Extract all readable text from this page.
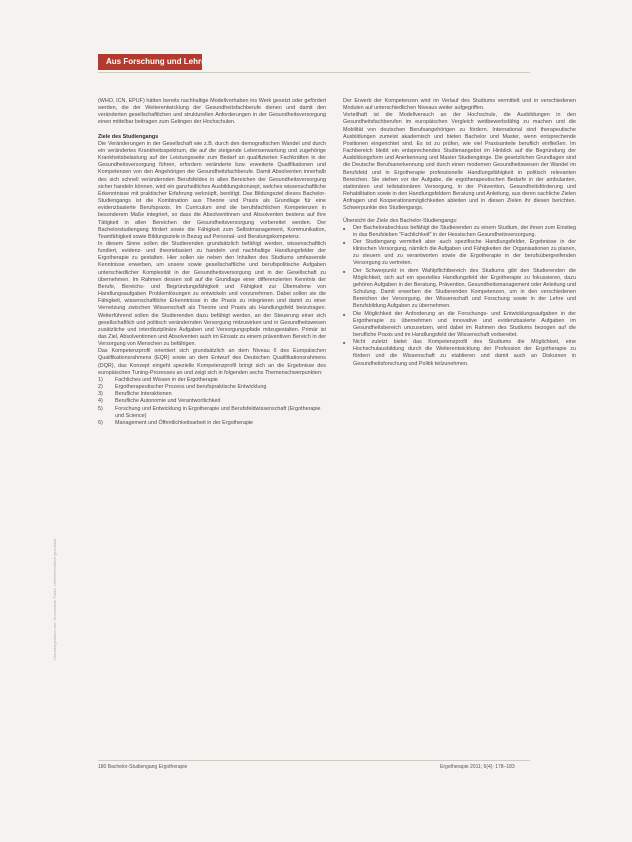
Aus Forschung und Lehre
Heruntergeladen von: Hochschule Fulda. Urheberrechtlich geschützt.

(WHO, ICN, EPUF) hätten bereits nachhaltige Modellvorhaben ins Werk gesetzt oder gefördert werden, die der Weiterentwicklung der Gesundheitsfachberufe dienen und damit den veränderten gesellschaftlichen und strukturellen Anforderungen in der Gesundheitsversorgung einen mittelbar beitragen zum Gelingen der Hochschulen.

Ziele des Studiengangs

Die Veränderungen in der Gesellschaft wie z.B. durch den demografischen Wandel und durch ein verändertes Krankheitsspektrum, die auf die steigende Lebenserwartung und zugehörige Krankheitsbelastung auf der Leistungsseite zum Bedarf an qualifizierten Fachkräften in der Gesundheitsversorgung führen, erfordern veränderte bzw. erweiterte Qualifikationen und Kompetenzen von den Angehörigen der Gesundheitsfachberufe. Damit Absolventen innerhalb des sich schnell verändernden Berufsfeldes in allen Bereichen der Gesundheitsversorgung sicher handeln können, wird ein ganzheitliches Ausbildungskonzept, welches wissenschaftliche Erkenntnisse mit praktischer Erfahrung verknüpft, benötigt. Das Bildungsziel dieses Bachelor-Studiengangs ist die Kombination aus Theorie und Praxis als Grundlage für eine evidenzbasierte Berufspraxis. Im Curriculum sind die berufsfachlichen Kompetenzen in besonderem Maße integriert, so dass die Absolventinnen und Absolventen bestens auf ihre Tätigkeit in allen Bereichen der Gesundheitsversorgung vorbereitet werden. Der Bachelorstudiengang fördert sowie die Fähigkeit zum Selbstmanagement, Kommunikation, Teamfähigkeit sowie Bildungsziele in Bezug auf Personal- und Beratungskompetenz.

In diesem Sinne sollen die Studierenden grundsätzlich befähigt werden, wissenschaftlich fundiert, evidenz- und theoriebasiert zu handeln und nachhaltige Handlungsfelder der Ergotherapie zu gestalten. Hier sollen sie neben den Inhalten des Studiums umfassende Kenntnisse erwerben, um unsere sowie gesellschaftliche und berufspolitische Aufgaben unterschiedlicher Komplexität in der Gesundheitsversorgung und in der Gesellschaft zu übernehmen. Im Rahmen dessen soll auf die Grundlage einer differenzierten Kenntnis der Berufe, Bereichs- und Begründungsfähigkeit und Fähigkeit zur Übernahme von Handlungsaufgaben Problemlösungen zu entwickeln und vorzunehmen. Dabei sollen sie die Fähigkeit, wissenschaftliche Erkenntnisse in die Praxis zu integrieren und damit zu einer Vernetzung zwischen Wissenschaft als Theorie und Praxis als Handlungsfeld beizutragen. Weiterführend sollen die Studierenden dazu befähigt werden, an der Steuerung einer sich gesellschaftlich und politisch verändernden Versorgung mitzuwirken und in Gesundheitswesen zusätzliche und interdisziplinäre Aufgaben und Versorgungspfade mitzugestalten. Primär ist das Ziel, Absolventinnen und Absolventen auch im Einsatz zu einem präventiven Bereich in der Versorgung von Menschen zu befähigen.

Das Kompetenzprofil orientiert sich grundsätzlich an dem Niveau 6 des Europäischen Qualifikationsrahmens (EQR) sowie an dem Entwurf des Deutschen Qualifikationsrahmens (DQR), das Konzept eingeht spezielle Kompetenzprofil bringt sich an die Ergebnisse des europäischen Tuning-Prozesses an und zeigt sich in folgenden sechs Themenschwerpunkten:

1) Fachliches und Wissen in der Ergotherapie
2) Ergotherapeutischer Prozess und berufspraktische Entwicklung
3) Berufliche Interaktionen
4) Berufliche Autonomie und Verantwortlichkeit
5) Forschung und Entwicklung in Ergotherapie und Berufsfeldwissenschaft (Ergotherapie und Science)
6) Management und Öffentlichkeitsarbeit in der Ergotherapie

Der Erwerb der Kompetenzen wird im Verlauf des Studiums vermittelt und in verschiedenen Modulen auf unterschiedlichen Niveaus weiter aufgegriffen.

Vorteilhaft ist die Modellversuch an der Hochschule, die Ausbildungen in den Gesundheitsfachberufen im europäischen Vergleich wettbewerbsfähig zu machen und die Mobilität von deutschen Berufsangehörigen zu fördern. International sind therapeutische Ausbildungen zumeist akademisch und bieten Bachelor und Master, wenn entsprechende Positionen eingerichtet sind. Es ist zu prüfen, wie viel Praxisanteile beruflich einfließen. Im Fachbereich bleibt ein entsprechendes Studienangebot im Hinblick auf die Begründung der Ausbildungsform und Anerkennung und Master Studiengänge. Die gesetzlichen Grundlagen sind die Deutsche Berufsanerkennung und durch einen modernen Gesundheitswesen der Wandel im Berufsfeld und in Ergotherapie professionelle Handlungsfähigkeit in politisch relevanten Bereichen. Sie stehen vor der Aufgabe, die ergotherapeutischen Bedarfe in der ambulanten, stationären und teilstationären Versorgung, in der Prävention, Gesundheitsförderung und Rehabilitation sowie in den Handlungsfeldern Beratung und Anleitung, aus deren sachliche Zielen Anfragen und Kooperationsmöglichkeiten ableiten und in diesen Zielen ihr diesen berichten. Schwerpunkte des Studiengangs.

Übersicht der Ziele des Bachelor-Studiengangs:

■ Der Bachelorabschluss befähigt die Studierenden zu einem Studium, der ihnen zum Einstieg in das Berufsleben "Fachlichkeit" in der Hessischen Gesundheitsversorgung.
■ Der Studiengang vermittelt aber auch spezifische Handlungsfelder, Ergebnisse in der klinischen Versorgung, nämlich die Aufgaben und Fähigkeiten der Organisationen zu planen, zu steuern und zu verantworten sowie die Ergotherapie in der berufsübergreifenden Versorgung zu vertreten.
■ Der Schwerpunkt in dem Wahlpflichtbereich des Studiums gibt den Studierenden die Möglichkeit, sich auf ein spezielles Handlungsfeld der Ergotherapie zu fokussieren, dazu gehören Aufgaben in der Beratung, Prävention, Gesundheitsmanagement oder Anleitung und Schulung. Damit erwerben die Studierenden Kompetenzen, um in den verschiedenen Bereichen der Versorgung, der Wissenschaft und Forschung sowie in der Lehre und Berufsbildung Aufgaben zu übernehmen.
■ Die Möglichkeit der Anforderung an die Forschungs- und Entwicklungsaufgaben in der Ergotherapie zu übernehmen und innovative und evidenzbasierte Aufgaben im Gesundheitsbereich umzusetzen, wird dabei im Rahmen des Studiums bezogen auf die berufliche Praxis und im Handlungsfeld der Wissenschaft vorbereitet.
■ Nicht zuletzt bietet das Kompetenzprofil des Studiums die Möglichkeit, eine Hochschulausbildung durch die Weiterentwicklung der Profession der Ergotherapie zu fördern und die Wissenschaft zu etablieren und damit auch an Diskursen in Gesundheitsforschung und Politik teilzunehmen.
180 Bachelor-Studiengang Ergotherapie	Ergotherapie 2011; 6(4): 178–183
